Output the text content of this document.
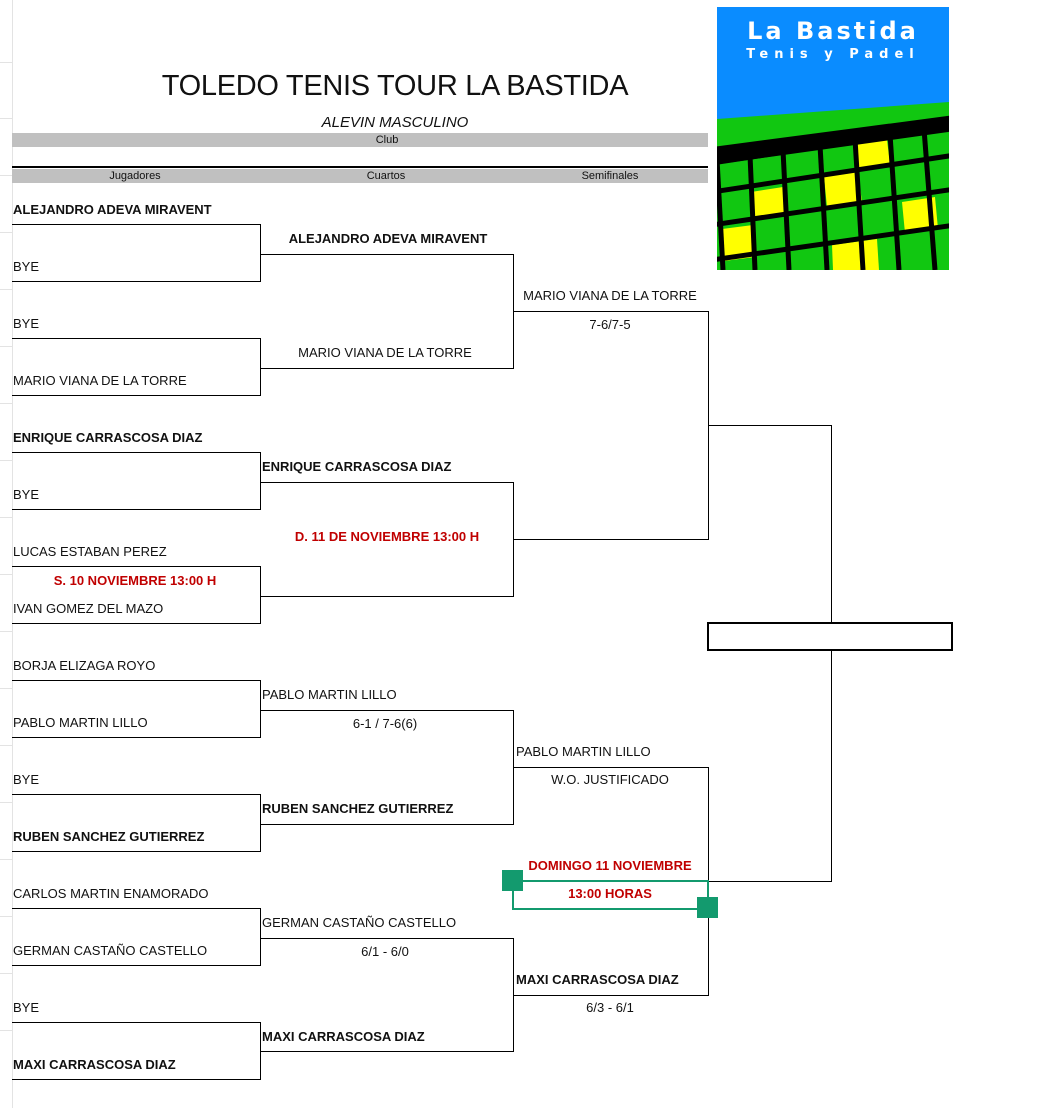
TOLEDO TENIS TOUR LA BASTIDA
ALEVIN MASCULINO
Club
Jugadores	Cuartos	Semifinales
La Bastida
Tenis y Padel
ALEJANDRO ADEVA MIRAVENT
BYE
BYE
MARIO VIANA DE LA TORRE
ENRIQUE CARRASCOSA DIAZ
BYE
LUCAS ESTABAN PEREZ
S. 10 NOVIEMBRE 13:00 H
IVAN GOMEZ DEL MAZO
BORJA ELIZAGA ROYO
PABLO MARTIN LILLO
BYE
RUBEN SANCHEZ GUTIERREZ
CARLOS MARTIN ENAMORADO
GERMAN CASTAÑO CASTELLO
BYE
MAXI CARRASCOSA DIAZ
ALEJANDRO ADEVA MIRAVENT
MARIO VIANA DE LA TORRE
ENRIQUE CARRASCOSA DIAZ
D. 11 DE NOVIEMBRE 13:00 H
PABLO MARTIN LILLO
6-1 / 7-6(6)
RUBEN SANCHEZ GUTIERREZ
GERMAN CASTAÑO CASTELLO
6/1 - 6/0
MAXI CARRASCOSA DIAZ
MARIO VIANA DE LA TORRE
7-6/7-5
PABLO MARTIN LILLO
W.O. JUSTIFICADO
DOMINGO 11 NOVIEMBRE
13:00 HORAS
MAXI CARRASCOSA DIAZ
6/3 - 6/1
